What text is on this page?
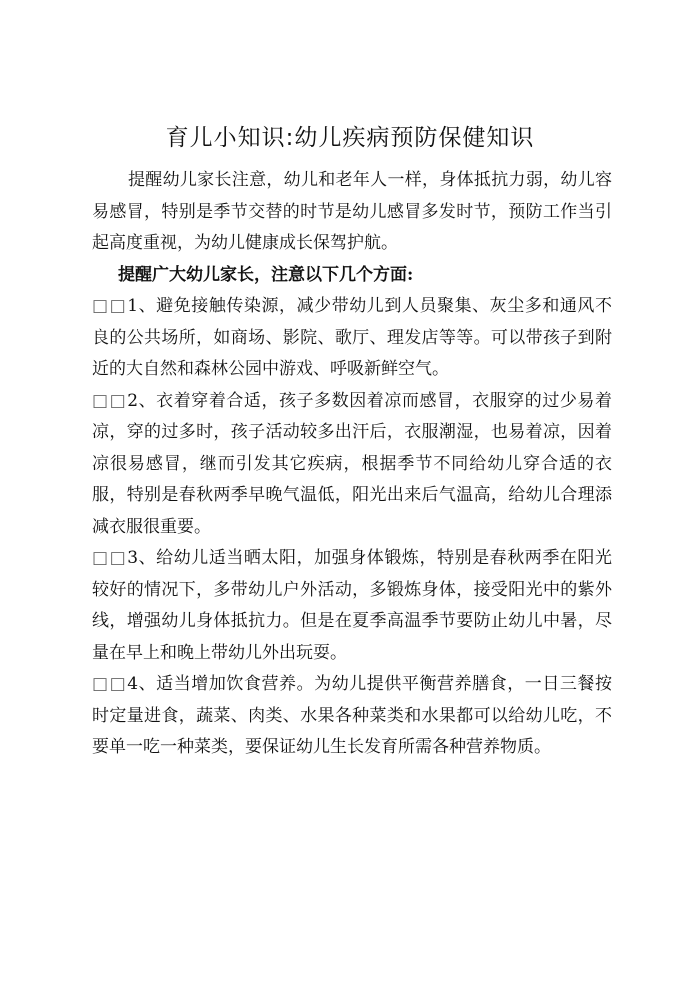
育儿小知识:幼儿疾病预防保健知识

提醒幼儿家长注意，幼儿和老年人一样，身体抵抗力弱，幼儿容易感冒，特别是季节交替的时节是幼儿感冒多发时节，预防工作当引起高度重视，为幼儿健康成长保驾护航。

提醒广大幼儿家长，注意以下几个方面:

□□1、避免接触传染源，减少带幼儿到人员聚集、灰尘多和通风不良的公共场所，如商场、影院、歌厅、理发店等等。可以带孩子到附近的大自然和森林公园中游戏、呼吸新鲜空气。

□□2、衣着穿着合适，孩子多数因着凉而感冒，衣服穿的过少易着凉，穿的过多时，孩子活动较多出汗后，衣服潮湿，也易着凉，因着凉很易感冒，继而引发其它疾病，根据季节不同给幼儿穿合适的衣服，特别是春秋两季早晚气温低，阳光出来后气温高，给幼儿合理添减衣服很重要。

□□3、给幼儿适当晒太阳，加强身体锻炼，特别是春秋两季在阳光较好的情况下，多带幼儿户外活动，多锻炼身体，接受阳光中的紫外线，增强幼儿身体抵抗力。但是在夏季高温季节要防止幼儿中暑，尽量在早上和晚上带幼儿外出玩耍。

□□4、适当增加饮食营养。为幼儿提供平衡营养膳食，一日三餐按时定量进食，蔬菜、肉类、水果各种菜类和水果都可以给幼儿吃，不要单一吃一种菜类，要保证幼儿生长发育所需各种营养物质。
